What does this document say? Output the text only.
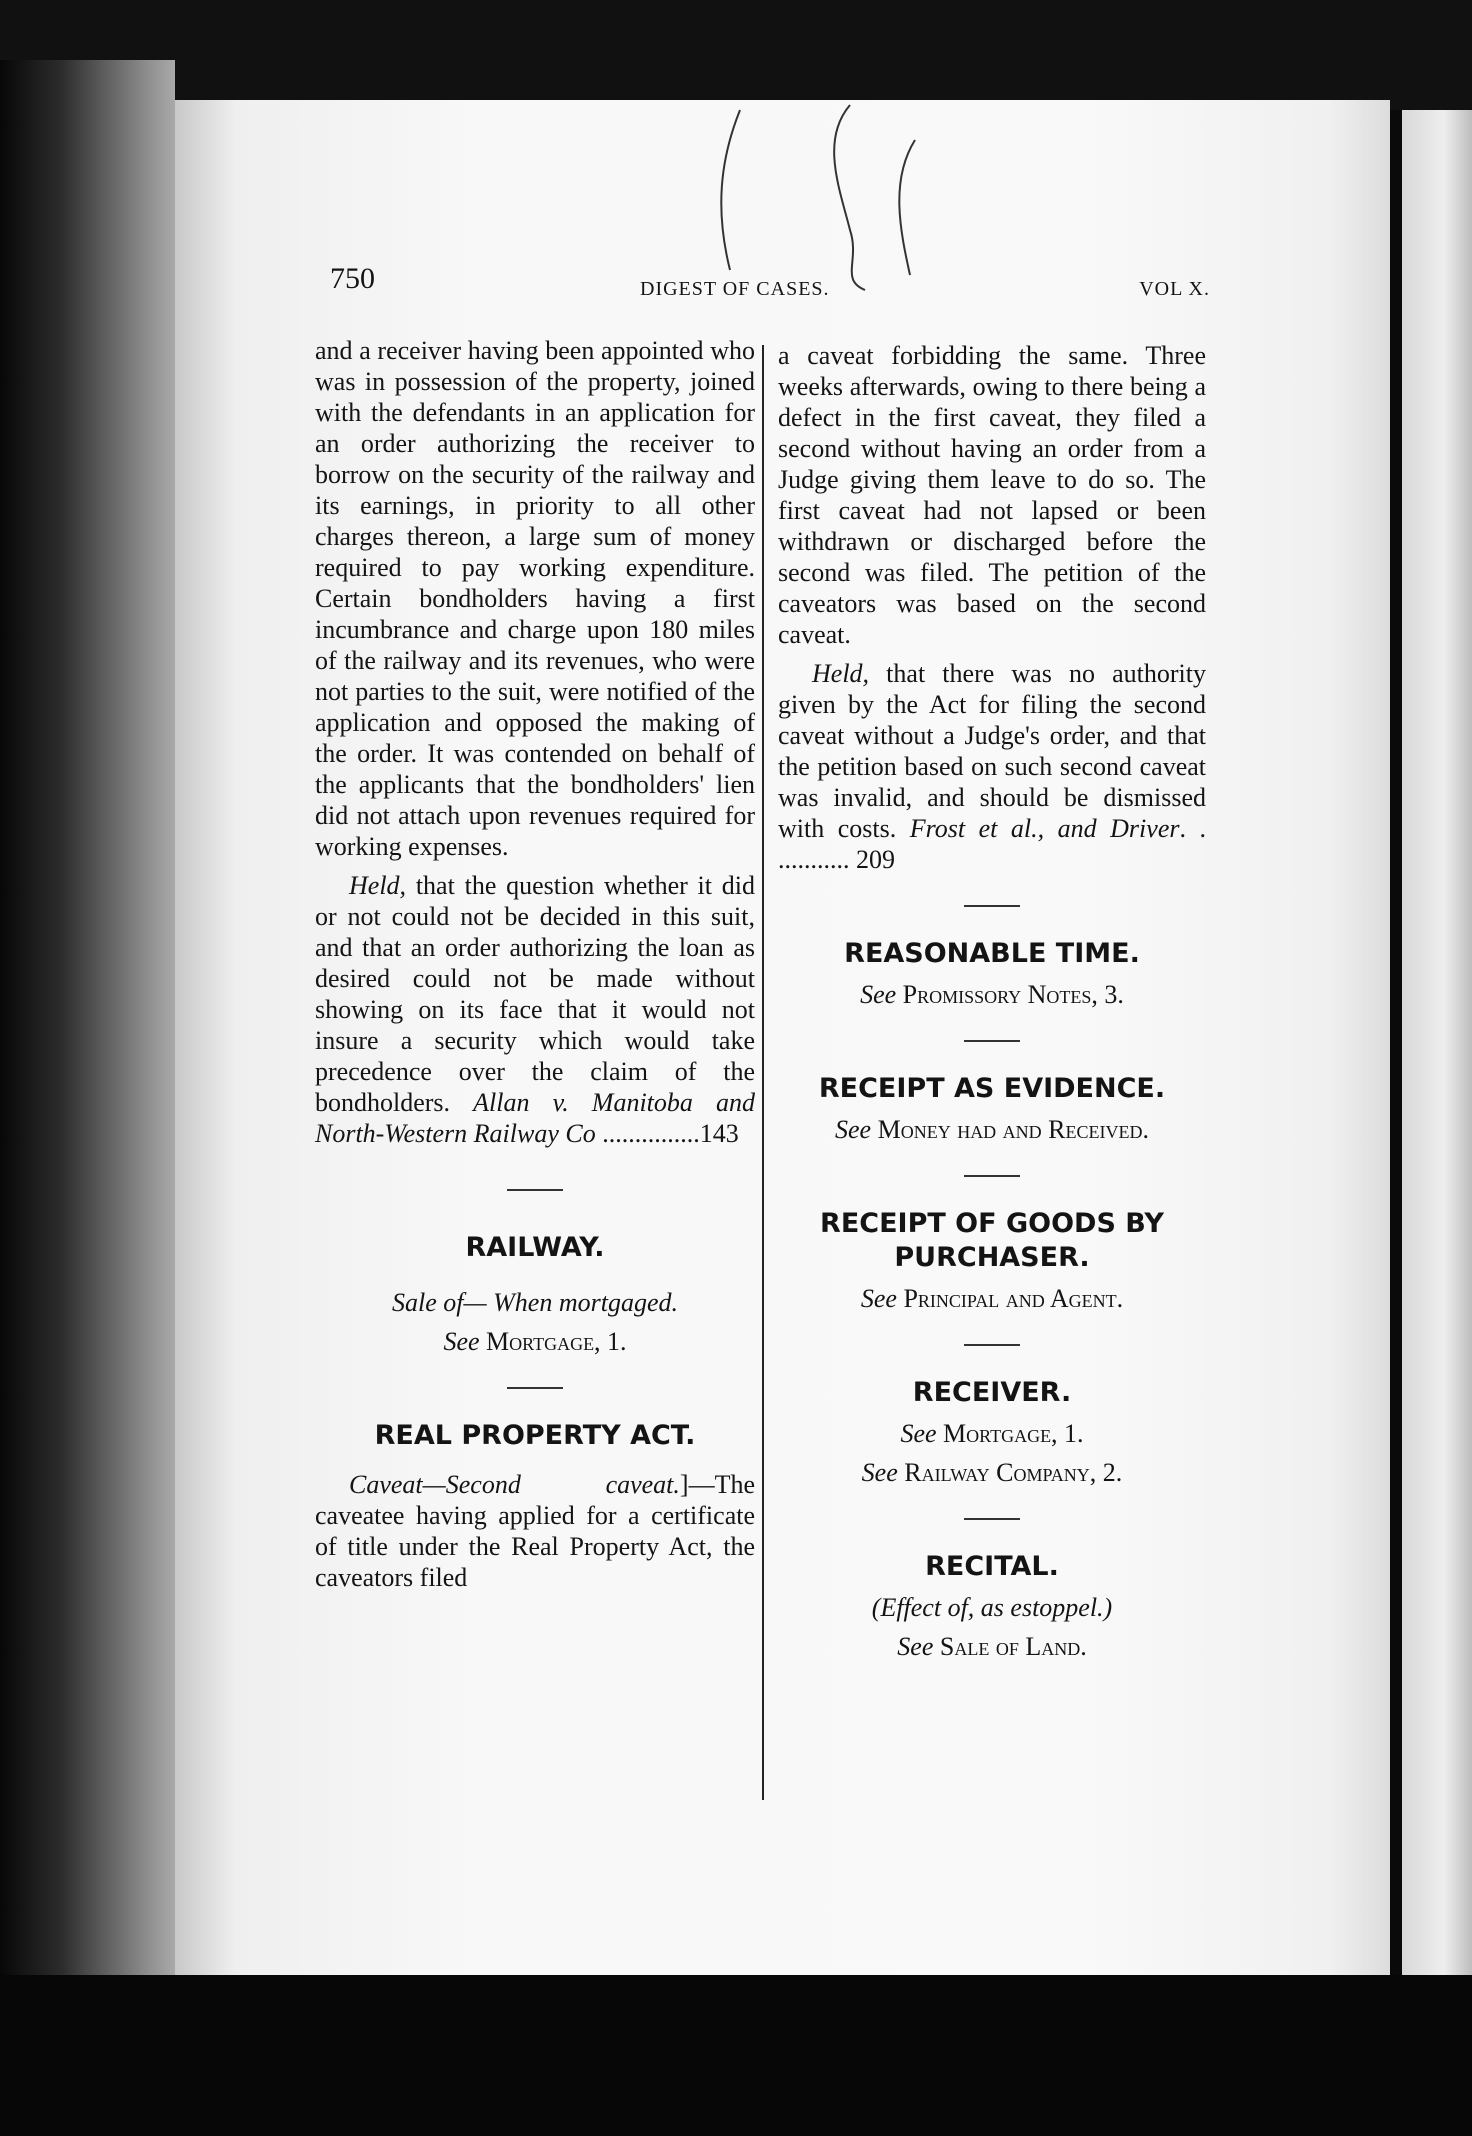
750	DIGEST OF CASES.	VOL X.

and a receiver having been appointed who was in possession of the property, joined with the defendants in an application for an order authorizing the receiver to borrow on the security of the railway and its earnings, in priority to all other charges thereon, a large sum of money required to pay working expenditure. Certain bondholders having a first incumbrance and charge upon 180 miles of the railway and its revenues, who were not parties to the suit, were notified of the application and opposed the making of the order. It was contended on behalf of the applicants that the bondholders' lien did not attach upon revenues required for working expenses.

Held, that the question whether it did or not could not be decided in this suit, and that an order authorizing the loan as desired could not be made without showing on its face that it would not insure a security which would take precedence over the claim of the bondholders. Allan v. Manitoba and North-Western Railway Co ...............143

RAILWAY.

Sale of— When mortgaged.

See Mortgage, 1.

REAL PROPERTY ACT.

Caveat—Second caveat.]—The caveatee having applied for a certificate of title under the Real Property Act, the caveators filed

a caveat forbidding the same. Three weeks afterwards, owing to there being a defect in the first caveat, they filed a second without having an order from a Judge giving them leave to do so. The first caveat had not lapsed or been withdrawn or discharged before the second was filed. The petition of the caveators was based on the second caveat.

Held, that there was no authority given by the Act for filing the second caveat without a Judge's order, and that the petition based on such second caveat was invalid, and should be dismissed with costs. Frost et al., and Driver. . ........... 209

REASONABLE TIME.

See Promissory Notes, 3.

RECEIPT AS EVIDENCE.

See Money had and Received.

RECEIPT OF GOODS BY PURCHASER.

See Principal and Agent.

RECEIVER.

See Mortgage, 1.

See Railway Company, 2.

RECITAL.

(Effect of, as estoppel.)

See Sale of Land.
